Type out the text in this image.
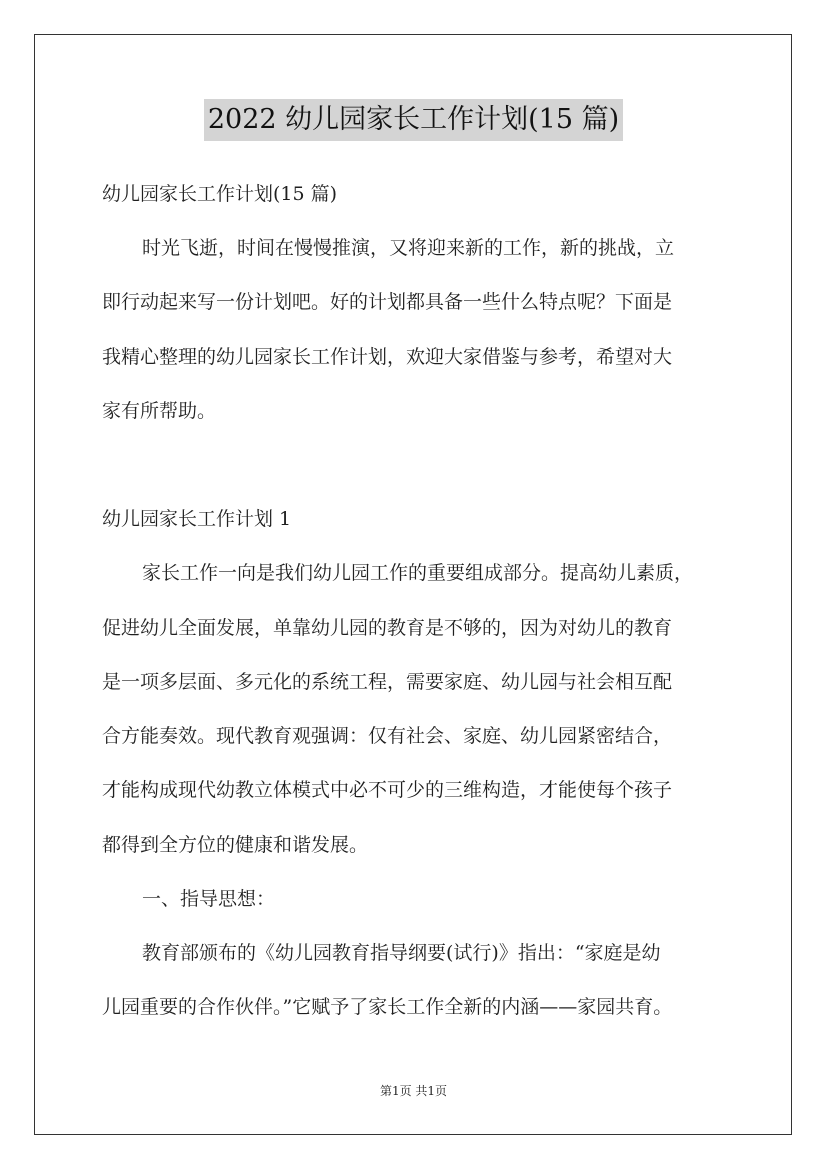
2022 幼儿园家长工作计划(15 篇)
幼儿园家长工作计划(15 篇)
时光飞逝，时间在慢慢推演，又将迎来新的工作，新的挑战，立
即行动起来写一份计划吧。好的计划都具备一些什么特点呢？下面是
我精心整理的幼儿园家长工作计划，欢迎大家借鉴与参考，希望对大
家有所帮助。
幼儿园家长工作计划 1
家长工作一向是我们幼儿园工作的重要组成部分。提高幼儿素质，
促进幼儿全面发展，单靠幼儿园的教育是不够的，因为对幼儿的教育
是一项多层面、多元化的系统工程，需要家庭、幼儿园与社会相互配
合方能奏效。现代教育观强调：仅有社会、家庭、幼儿园紧密结合，
才能构成现代幼教立体模式中必不可少的三维构造，才能使每个孩子
都得到全方位的健康和谐发展。
一、指导思想：
教育部颁布的《幼儿园教育指导纲要(试行)》指出：“家庭是幼
儿园重要的合作伙伴。”它赋予了家长工作全新的内涵——家园共育。
第1页 共1页
